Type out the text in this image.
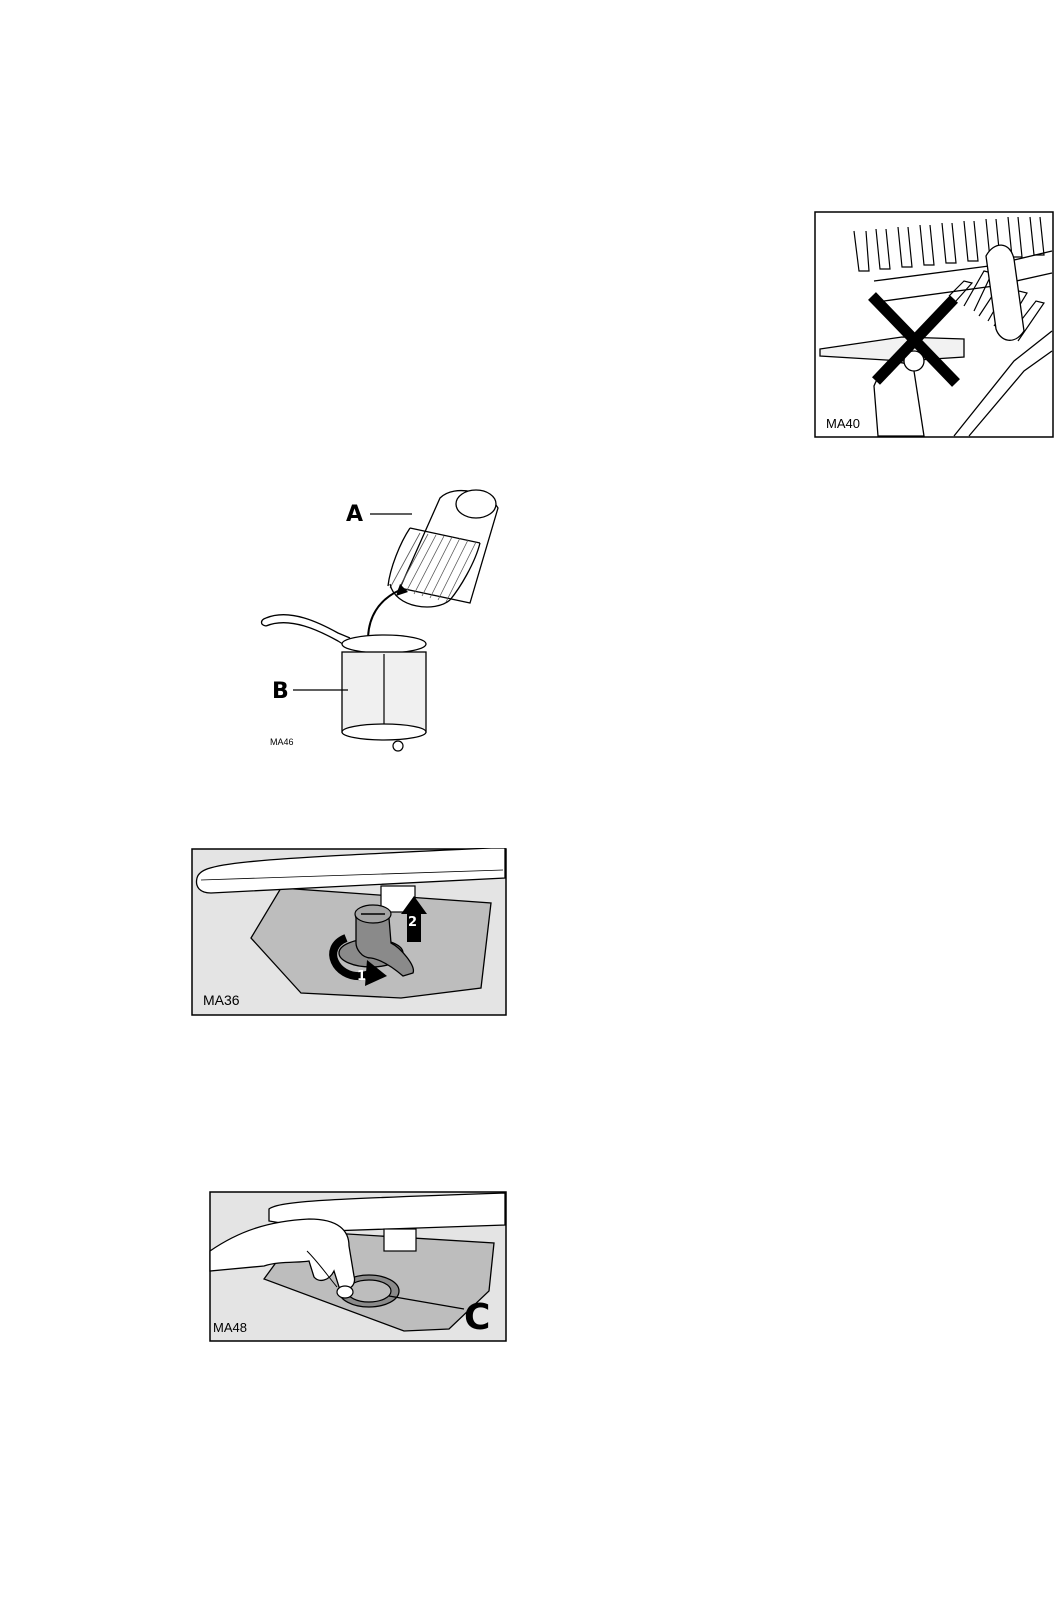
MA40
A
B
MA46
1
2
MA36
C
MA48
